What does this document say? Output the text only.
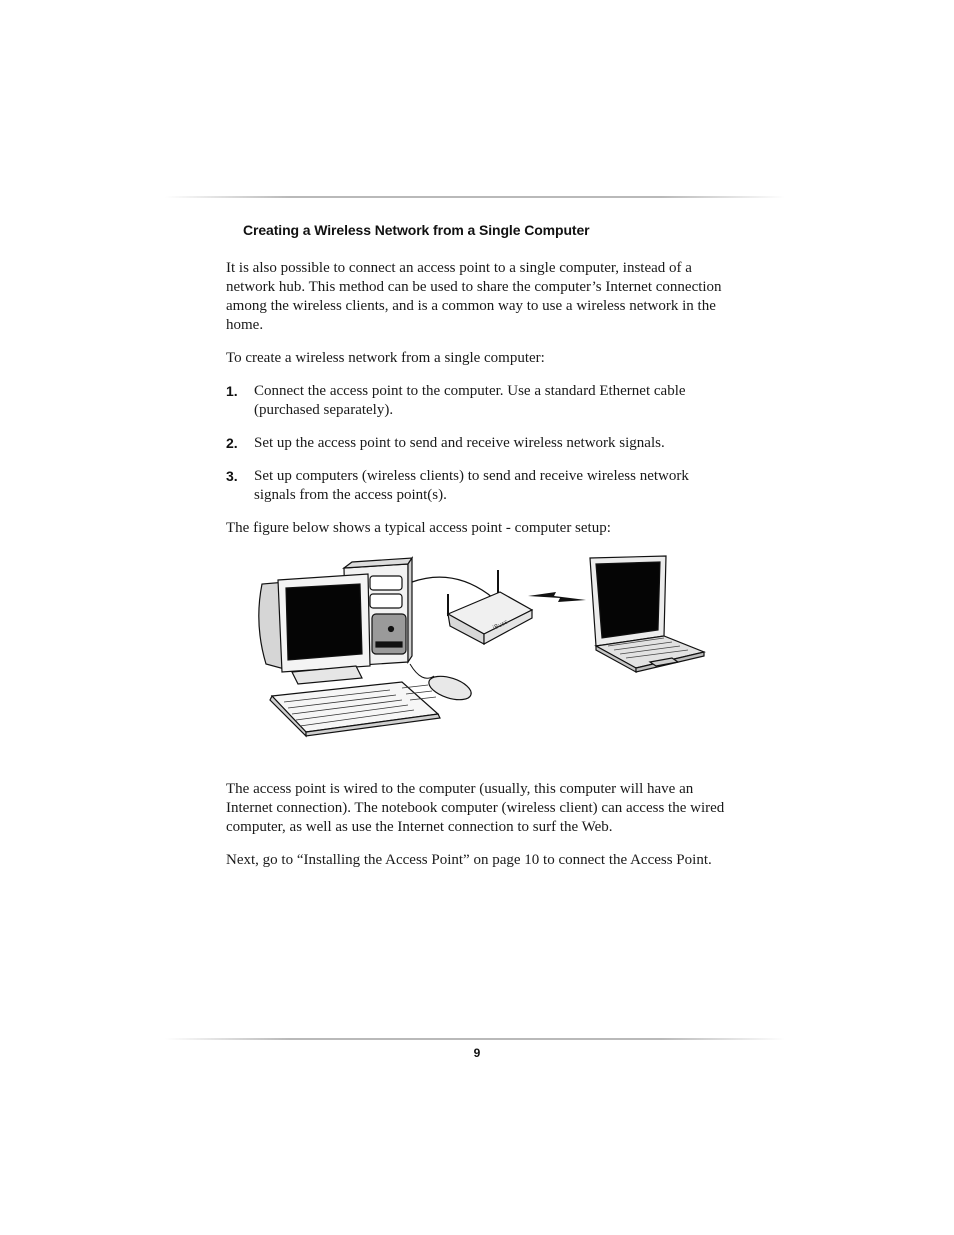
Creating a Wireless Network from a Single Computer

It is also possible to connect an access point to a single computer, instead of a network hub. This method can be used to share the computer’s Internet connection among the wireless clients, and is a common way to use a wireless network in the home.

To create a wireless network from a single computer:

1.	Connect the access point to the computer. Use a standard Ethernet cable (purchased separately).
2.	Set up the access point to send and receive wireless network signals.
3.	Set up computers (wireless clients) to send and receive wireless network signals from the access point(s).

The figure below shows a typical access point - computer setup:

iBuss

The access point is wired to the computer (usually, this computer will have an Internet connection). The notebook computer (wireless client) can access the wired computer, as well as use the Internet connection to surf the Web.

Next, go to “Installing the Access Point” on page 10 to connect the Access Point.

9
